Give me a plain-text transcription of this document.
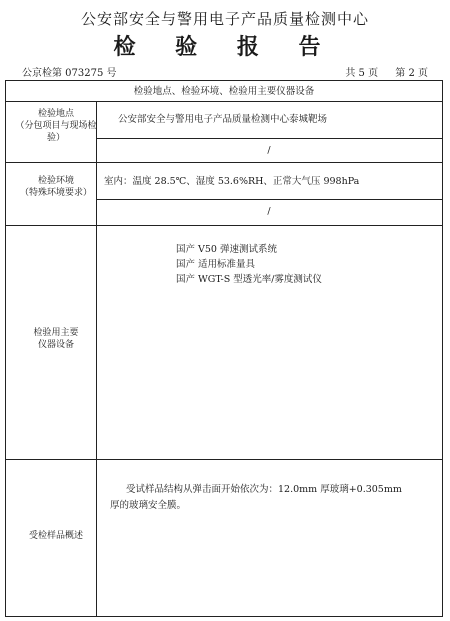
公安部安全与警用电子产品质量检测中心
检 验 报 告
公京检第 073275 号	共 5 页 第 2 页
检验地点、检验环境、检验用主要仪器设备
检验地点
（分包项目与现场检验）
公安部安全与警用电子产品质量检测中心泰城靶场
/
检验环境
（特殊环境要求）
室内：温度 28.5℃、湿度 53.6%RH、正常大气压 998hPa
/
检验用主要
仪器设备
国产 V50 弹速测试系统
国产 适用标准量具
国产 WGT-S 型透光率/雾度测试仪
受检样品概述
受试样品结构从弹击面开始依次为：12.0mm 厚玻璃+0.305mm
厚的玻璃安全膜。
